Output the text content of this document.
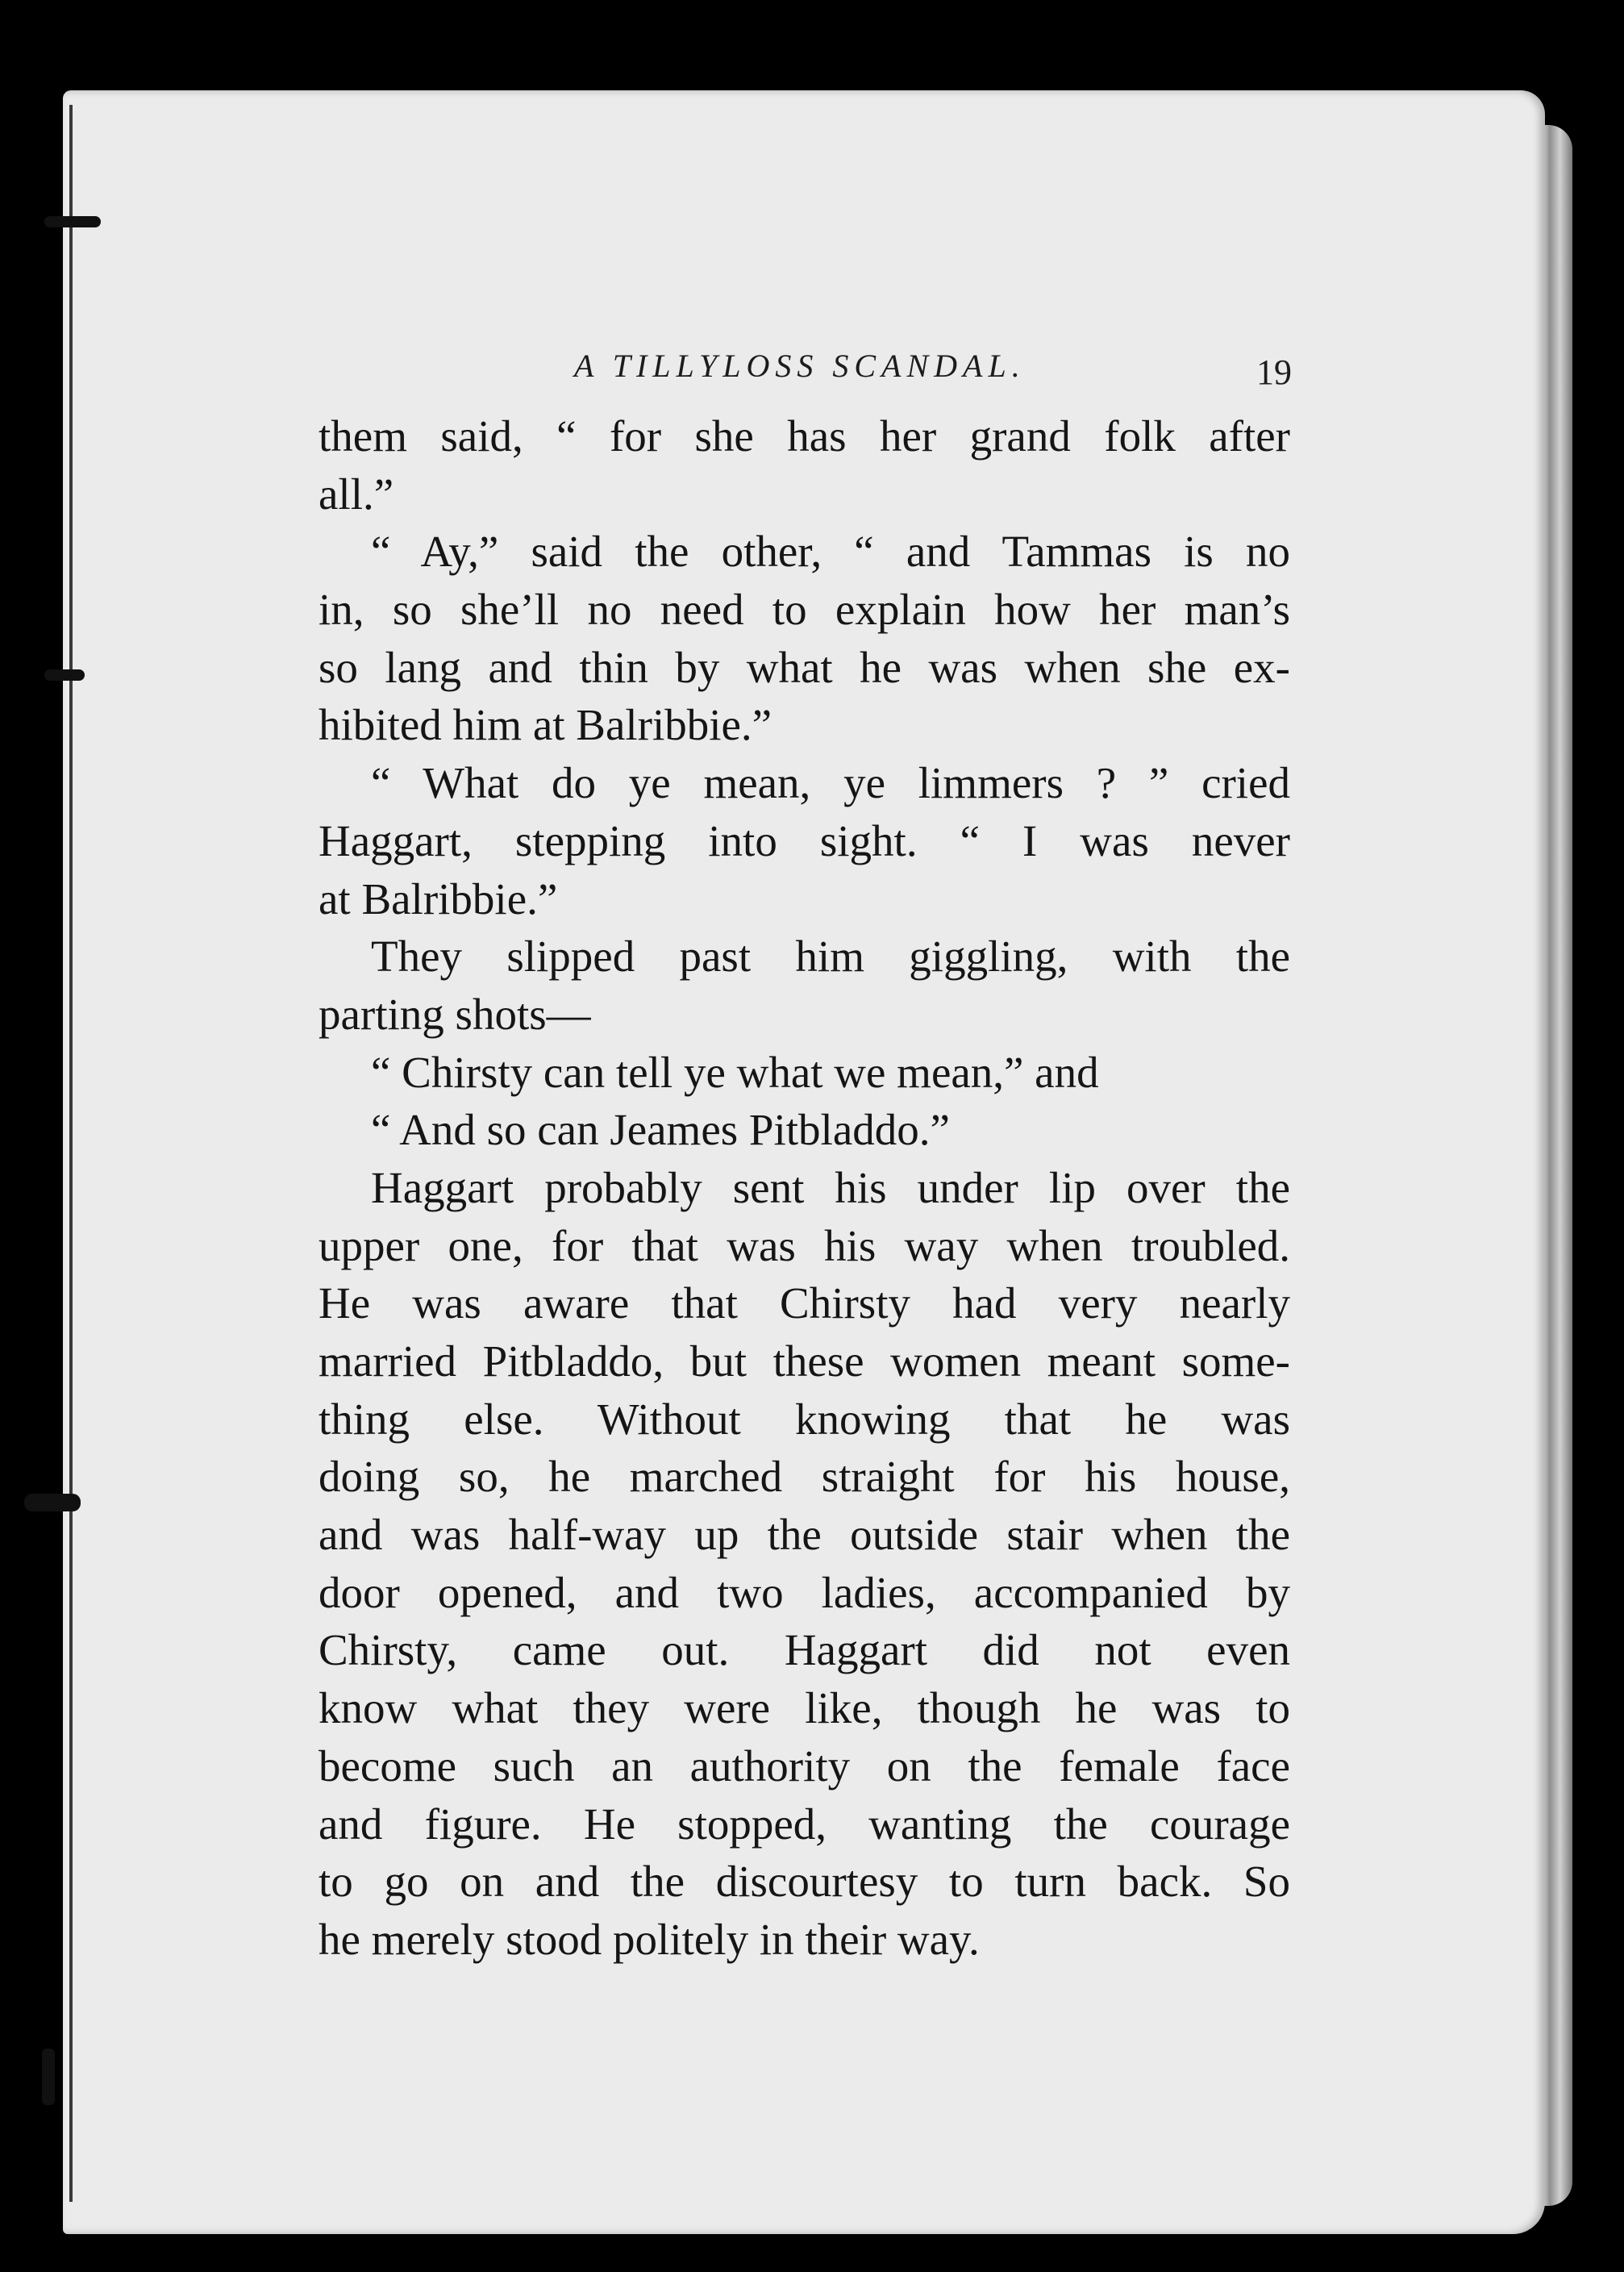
A TILLYLOSS SCANDAL.	19
them said, “ for she has her grand folk after
all.”
“ Ay,” said the other, “ and Tammas is no
in, so she’ll no need to explain how her man’s
so lang and thin by what he was when she ex-
hibited him at Balribbie.”
“ What do ye mean, ye limmers ? ” cried
Haggart, stepping into sight. “ I was never
at Balribbie.”
They slipped past him giggling, with the
parting shots—
“ Chirsty can tell ye what we mean,” and
“ And so can Jeames Pitbladdo.”
Haggart probably sent his under lip over the
upper one, for that was his way when troubled.
He was aware that Chirsty had very nearly
married Pitbladdo, but these women meant some-
thing else. Without knowing that he was
doing so, he marched straight for his house,
and was half-way up the outside stair when the
door opened, and two ladies, accompanied by
Chirsty, came out. Haggart did not even
know what they were like, though he was to
become such an authority on the female face
and figure. He stopped, wanting the courage
to go on and the discourtesy to turn back. So
he merely stood politely in their way.
